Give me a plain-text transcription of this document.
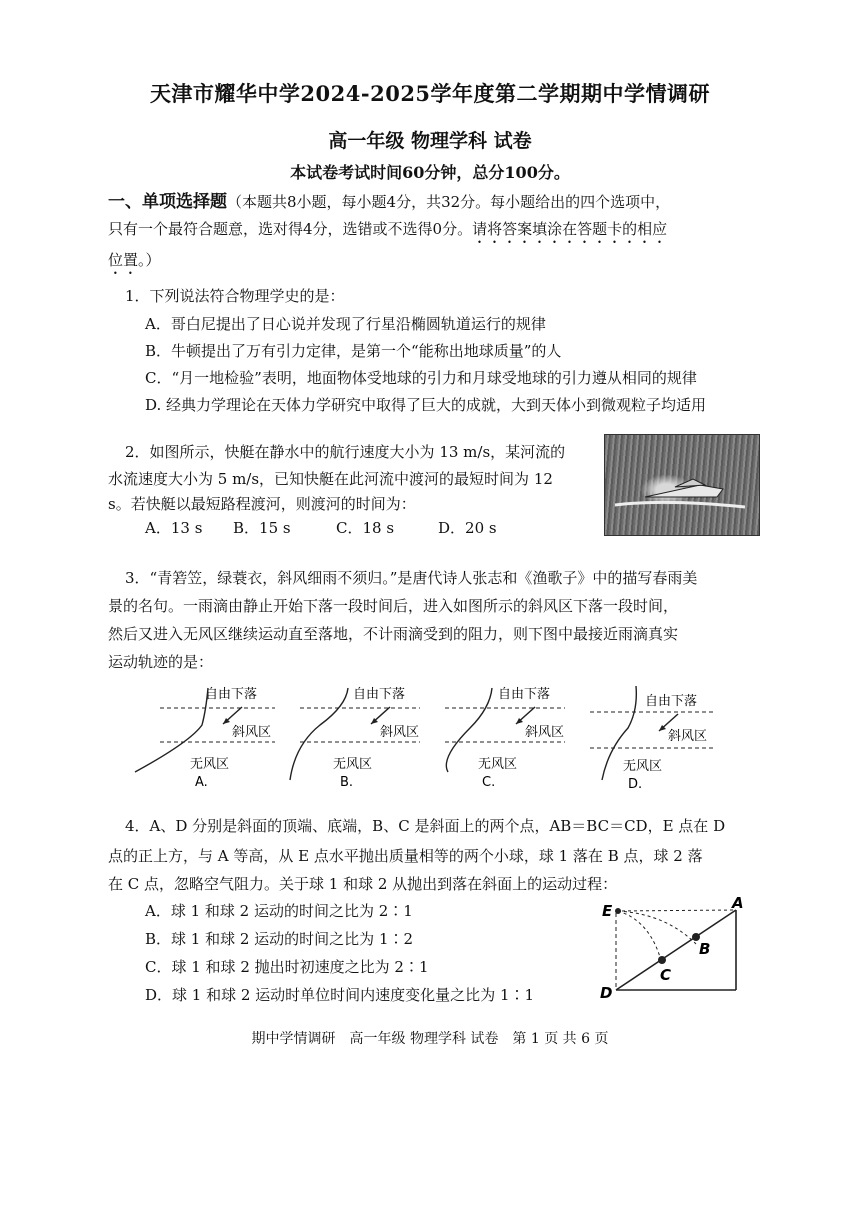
天津市耀华中学2024-2025学年度第二学期期中学情调研
高一年级 物理学科 试卷
本试卷考试时间60分钟，总分100分。
一、单项选择题（本题共8小题，每小题4分，共32分。每小题给出的四个选项中，
只有一个最符合题意，选对得4分，选错或不选得0分。请将答案填涂在答题卡的相应
位置。）
1．下列说法符合物理学史的是：
A．哥白尼提出了日心说并发现了行星沿椭圆轨道运行的规律
B．牛顿提出了万有引力定律，是第一个“能称出地球质量”的人
C．“月一地检验”表明，地面物体受地球的引力和月球受地球的引力遵从相同的规律
D. 经典力学理论在天体力学研究中取得了巨大的成就，大到天体小到微观粒子均适用
2．如图所示，快艇在静水中的航行速度大小为 13 m/s，某河流的
水流速度大小为 5 m/s，已知快艇在此河流中渡河的最短时间为 12
s。若快艇以最短路程渡河，则渡河的时间为：
A．13 s B．15 s	C．18 s	D．20 s
3．“青箬笠，绿蓑衣，斜风细雨不须归。”是唐代诗人张志和《渔歌子》中的描写春雨美
景的名句。一雨滴由静止开始下落一段时间后，进入如图所示的斜风区下落一段时间，
然后又进入无风区继续运动直至落地，不计雨滴受到的阻力，则下图中最接近雨滴真实
运动轨迹的是：
自由下落
斜风区
无风区
A.
自由下落
斜风区
无风区
B.
自由下落
斜风区
无风区
C.
自由下落
斜风区
无风区
D.
4．A、D 分别是斜面的顶端、底端，B、C 是斜面上的两个点，AB＝BC＝CD，E 点在 D
点的正上方，与 A 等高，从 E 点水平抛出质量相等的两个小球，球 1 落在 B 点，球 2 落
在 C 点，忽略空气阻力。关于球 1 和球 2 从抛出到落在斜面上的运动过程：
A．球 1 和球 2 运动的时间之比为 2∶1
B．球 1 和球 2 运动的时间之比为 1∶2
C．球 1 和球 2 抛出时初速度之比为 2∶1
D．球 1 和球 2 运动时单位时间内速度变化量之比为 1∶1
E	A
B
C
D
期中学情调研　高一年级 物理学科 试卷　第 1 页 共 6 页
